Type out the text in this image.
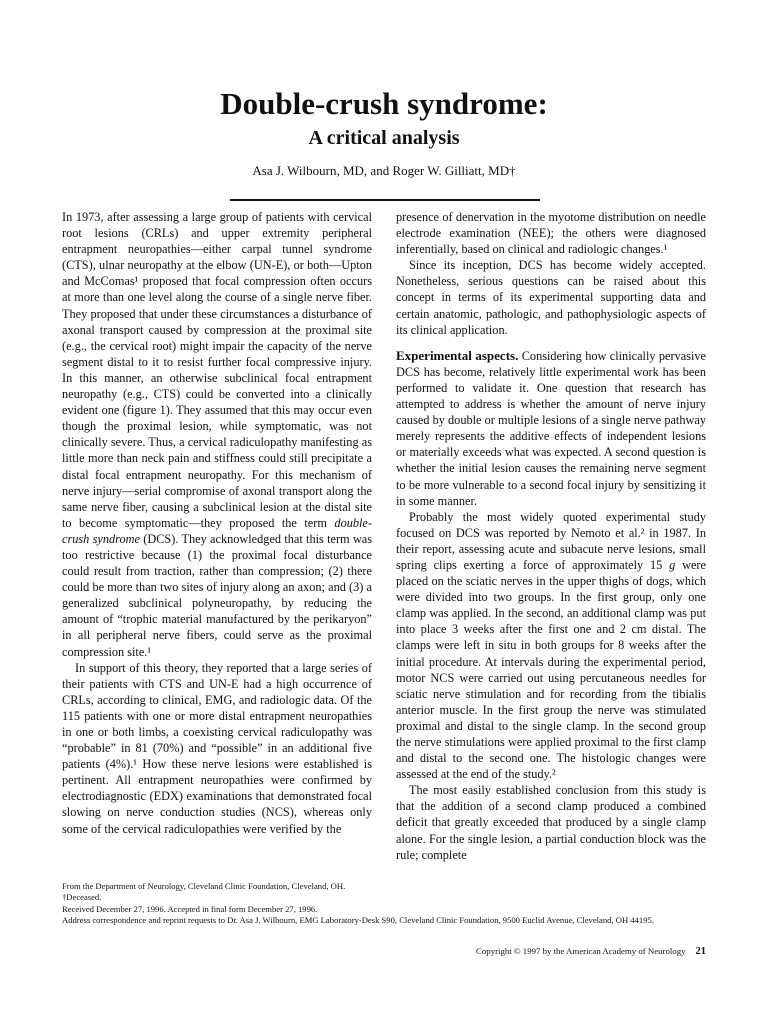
Double-crush syndrome:
A critical analysis
Asa J. Wilbourn, MD, and Roger W. Gilliatt, MD†

In 1973, after assessing a large group of patients with cervical root lesions (CRLs) and upper extremity peripheral entrapment neuropathies—either carpal tunnel syndrome (CTS), ulnar neuropathy at the elbow (UN-E), or both—Upton and McComas¹ proposed that focal compression often occurs at more than one level along the course of a single nerve fiber. They proposed that under these circumstances a disturbance of axonal transport caused by compression at the proximal site (e.g., the cervical root) might impair the capacity of the nerve segment distal to it to resist further focal compressive injury. In this manner, an otherwise subclinical focal entrapment neuropathy (e.g., CTS) could be converted into a clinically evident one (figure 1). They assumed that this may occur even though the proximal lesion, while symptomatic, was not clinically severe. Thus, a cervical radiculopathy manifesting as little more than neck pain and stiffness could still precipitate a distal focal entrapment neuropathy. For this mechanism of nerve injury—serial compromise of axonal transport along the same nerve fiber, causing a subclinical lesion at the distal site to become symptomatic—they proposed the term double-crush syndrome (DCS). They acknowledged that this term was too restrictive because (1) the proximal focal disturbance could result from traction, rather than compression; (2) there could be more than two sites of injury along an axon; and (3) a generalized subclinical polyneuropathy, by reducing the amount of “trophic material manufactured by the perikaryon” in all peripheral nerve fibers, could serve as the proximal compression site.¹

In support of this theory, they reported that a large series of their patients with CTS and UN-E had a high occurrence of CRLs, according to clinical, EMG, and radiologic data. Of the 115 patients with one or more distal entrapment neuropathies in one or both limbs, a coexisting cervical radiculopathy was “probable” in 81 (70%) and “possible” in an additional five patients (4%).¹ How these nerve lesions were established is pertinent. All entrapment neuropathies were confirmed by electrodiagnostic (EDX) examinations that demonstrated focal slowing on nerve conduction studies (NCS), whereas only some of the cervical radiculopathies were verified by the

presence of denervation in the myotome distribution on needle electrode examination (NEE); the others were diagnosed inferentially, based on clinical and radiologic changes.¹

Since its inception, DCS has become widely accepted. Nonetheless, serious questions can be raised about this concept in terms of its experimental supporting data and certain anatomic, pathologic, and pathophysiologic aspects of its clinical application.

Experimental aspects. Considering how clinically pervasive DCS has become, relatively little experimental work has been performed to validate it. One question that research has attempted to address is whether the amount of nerve injury caused by double or multiple lesions of a single nerve pathway merely represents the additive effects of independent lesions or materially exceeds what was expected. A second question is whether the initial lesion causes the remaining nerve segment to be more vulnerable to a second focal injury by sensitizing it in some manner.

Probably the most widely quoted experimental study focused on DCS was reported by Nemoto et al.² in 1987. In their report, assessing acute and subacute nerve lesions, small spring clips exerting a force of approximately 15 g were placed on the sciatic nerves in the upper thighs of dogs, which were divided into two groups. In the first group, only one clamp was applied. In the second, an additional clamp was put into place 3 weeks after the first one and 2 cm distal. The clamps were left in situ in both groups for 8 weeks after the initial procedure. At intervals during the experimental period, motor NCS were carried out using percutaneous needles for sciatic nerve stimulation and for recording from the tibialis anterior muscle. In the first group the nerve was stimulated proximal and distal to the single clamp. In the second group the nerve stimulations were applied proximal to the first clamp and distal to the second one. The histologic changes were assessed at the end of the study.²

The most easily established conclusion from this study is that the addition of a second clamp produced a combined deficit that greatly exceeded that produced by a single clamp alone. For the single lesion, a partial conduction block was the rule; complete

From the Department of Neurology, Cleveland Clinic Foundation, Cleveland, OH.
†Deceased.
Received December 27, 1996. Accepted in final form December 27, 1996.
Address correspondence and reprint requests to Dr. Asa J. Wilbourn, EMG Laboratory-Desk S90, Cleveland Clinic Foundation, 9500 Euclid Avenue, Cleveland, OH 44195.
Copyright © 1997 by the American Academy of Neurology 21
